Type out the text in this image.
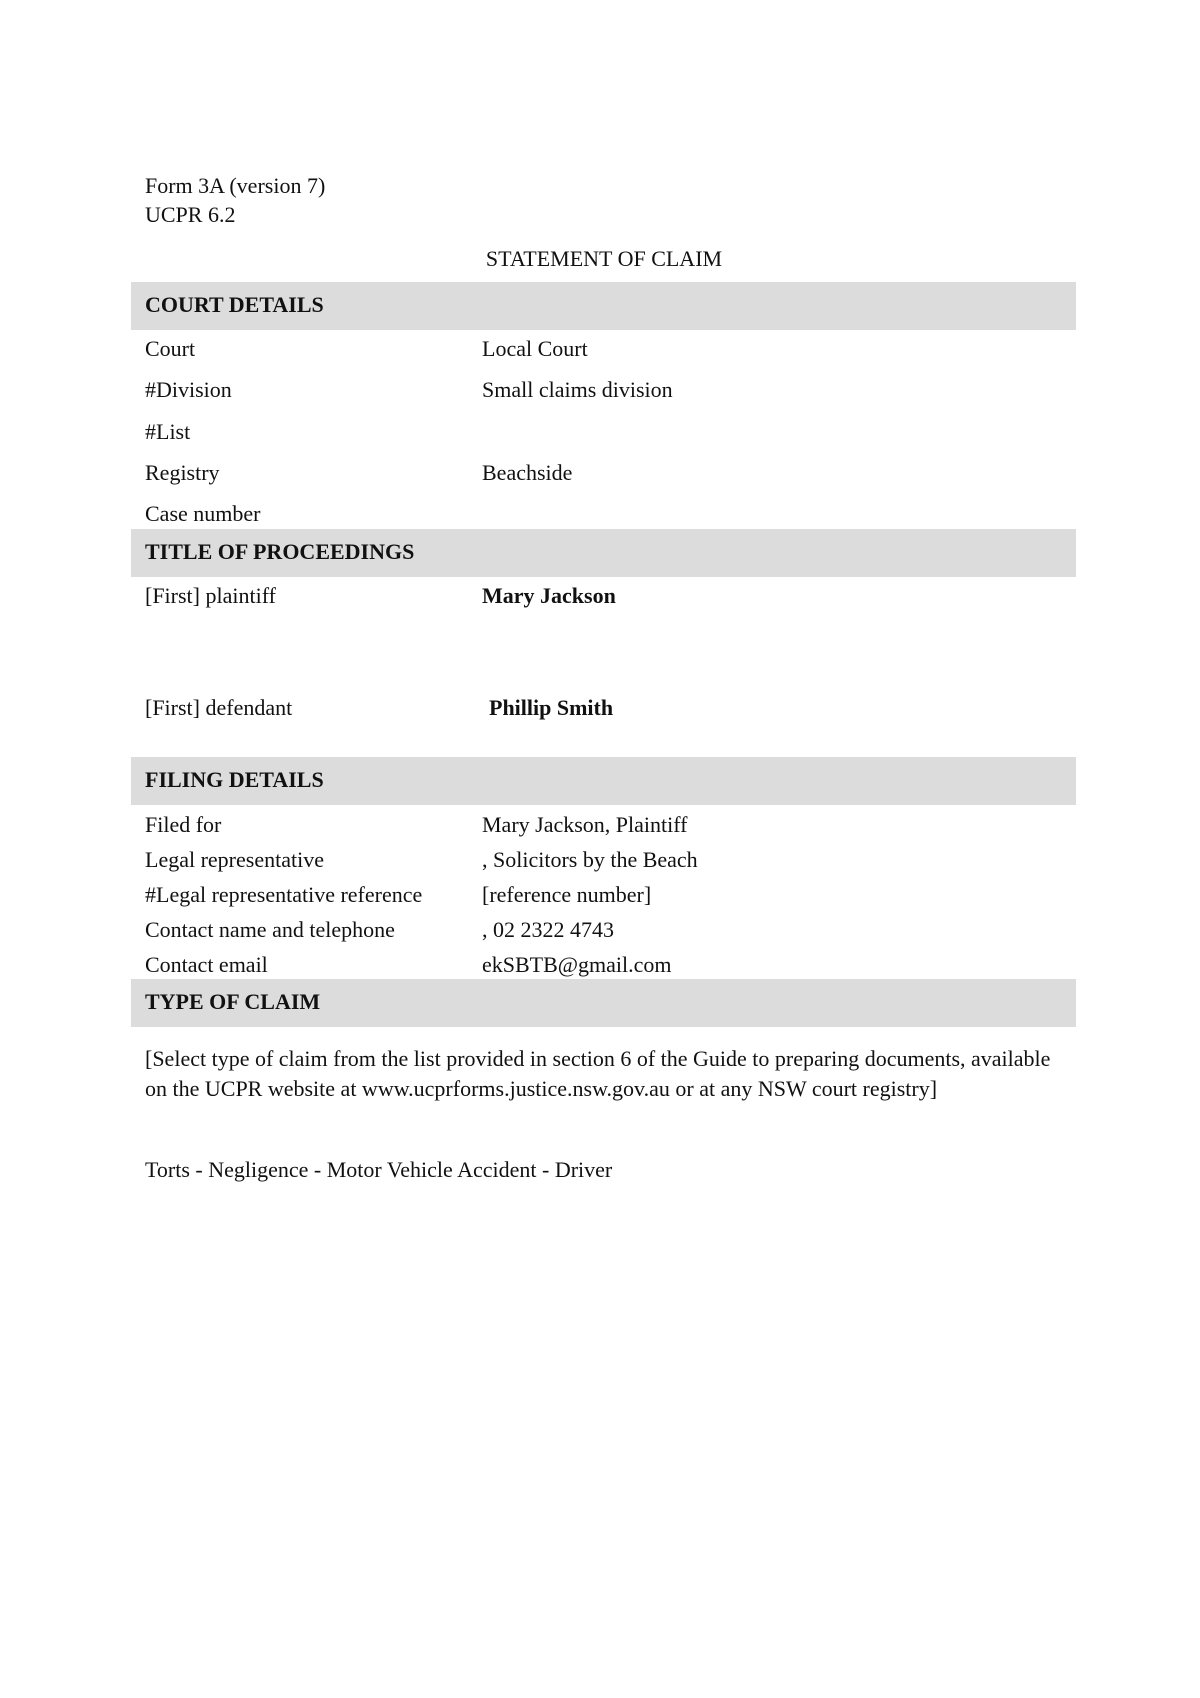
Form 3A (version 7)
UCPR 6.2
STATEMENT OF CLAIM
COURT DETAILS
Court	Local Court
#Division	Small claims division
#List
Registry	Beachside
Case number
TITLE OF PROCEEDINGS
[First] plaintiff	Mary Jackson
[First] defendant	Phillip Smith
FILING DETAILS
Filed for	Mary Jackson, Plaintiff
Legal representative	, Solicitors by the Beach
#Legal representative reference	[reference number]
Contact name and telephone	, 02 2322 4743
Contact email	ekSBTB@gmail.com
TYPE OF CLAIM
[Select type of claim from the list provided in section 6 of the Guide to preparing documents, available on the UCPR website at www.ucprforms.justice.nsw.gov.au or at any NSW court registry]
Torts - Negligence - Motor Vehicle Accident - Driver
